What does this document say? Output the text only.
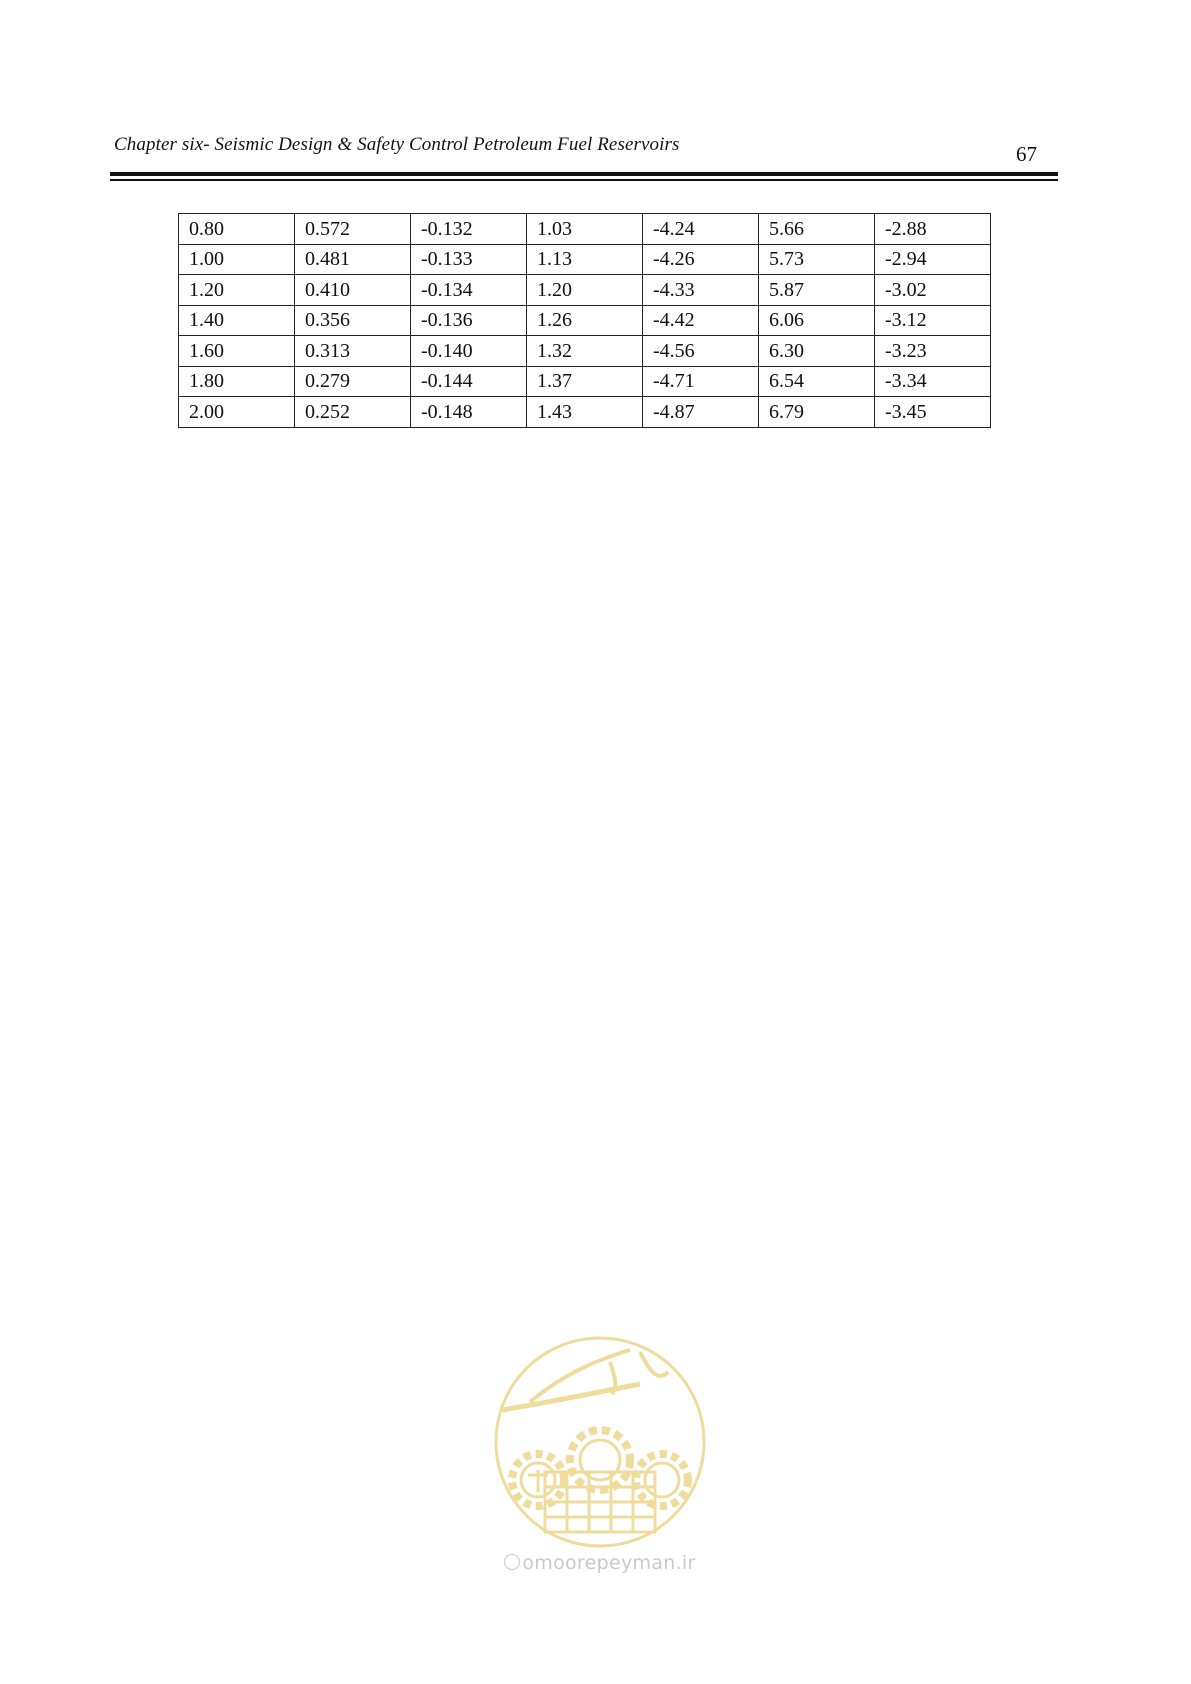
Chapter six- Seismic Design & Safety Control Petroleum Fuel Reservoirs	67
0.80	0.572	-0.132	1.03	-4.24	5.66	-2.88
1.00	0.481	-0.133	1.13	-4.26	5.73	-2.94
1.20	0.410	-0.134	1.20	-4.33	5.87	-3.02
1.40	0.356	-0.136	1.26	-4.42	6.06	-3.12
1.60	0.313	-0.140	1.32	-4.56	6.30	-3.23
1.80	0.279	-0.144	1.37	-4.71	6.54	-3.34
2.00	0.252	-0.148	1.43	-4.87	6.79	-3.45
omoorepeyman.ir
